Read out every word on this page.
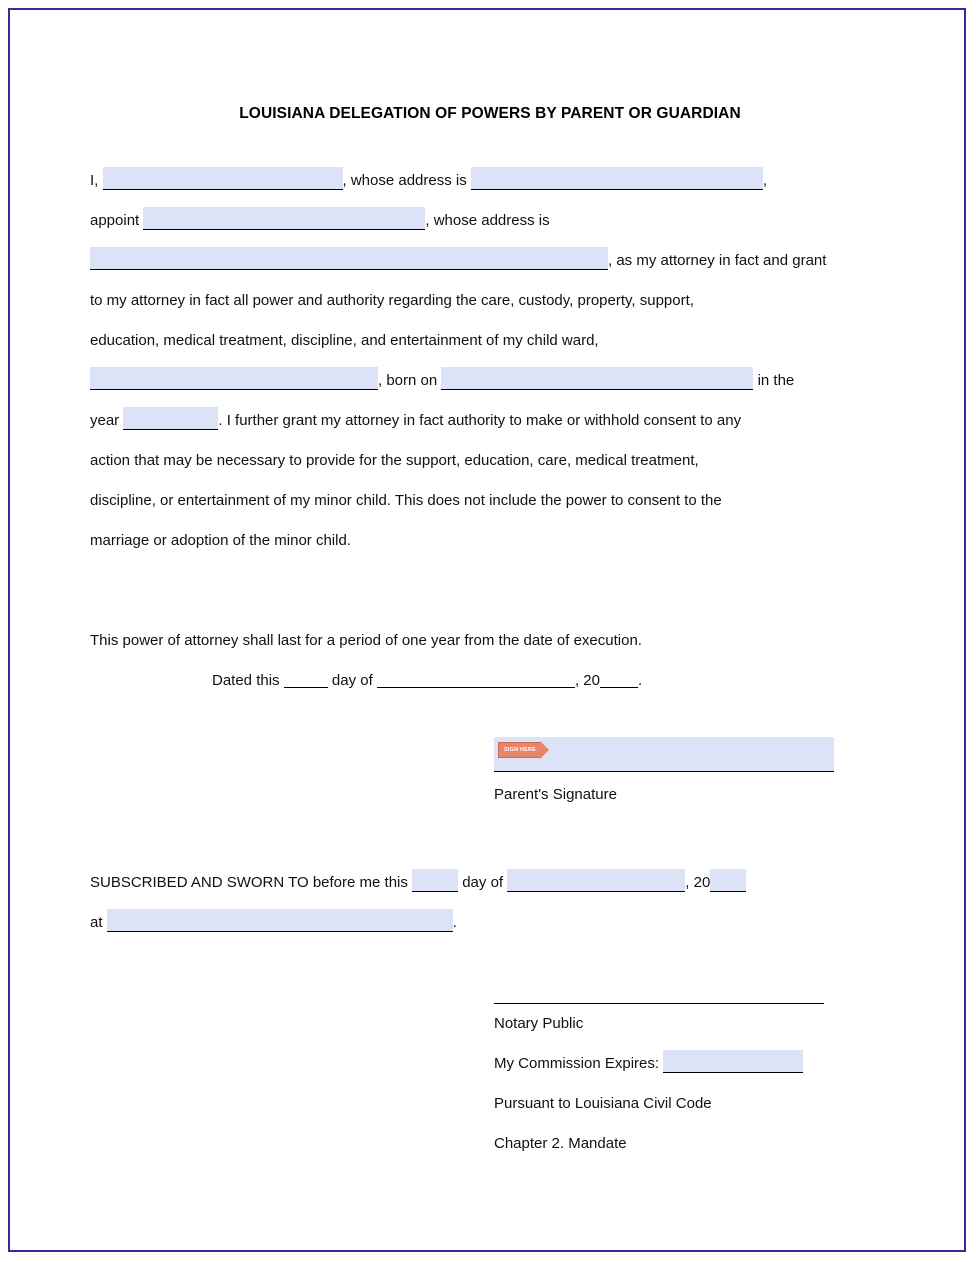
LOUISIANA DELEGATION OF POWERS BY PARENT OR GUARDIAN
I,	, whose address is	,
appoint	, whose address is
, as my attorney in fact and grant
to my attorney in fact all power and authority regarding the care, custody, property, support,
education, medical treatment, discipline, and entertainment of my child ward,
, born on	in the
year	. I further grant my attorney in fact authority to make or withhold consent to any
action that may be necessary to provide for the support, education, care, medical treatment,
discipline, or entertainment of my minor child. This does not include the power to consent to the
marriage or adoption of the minor child.
This power of attorney shall last for a period of one year from the date of execution.
Dated this	day of	, 20	.
SIGN HERE
Parent's Signature
SUBSCRIBED AND SWORN TO before me this	day of	, 20
at	.
Notary Public
My Commission Expires:
Pursuant to Louisiana Civil Code
Chapter 2. Mandate
